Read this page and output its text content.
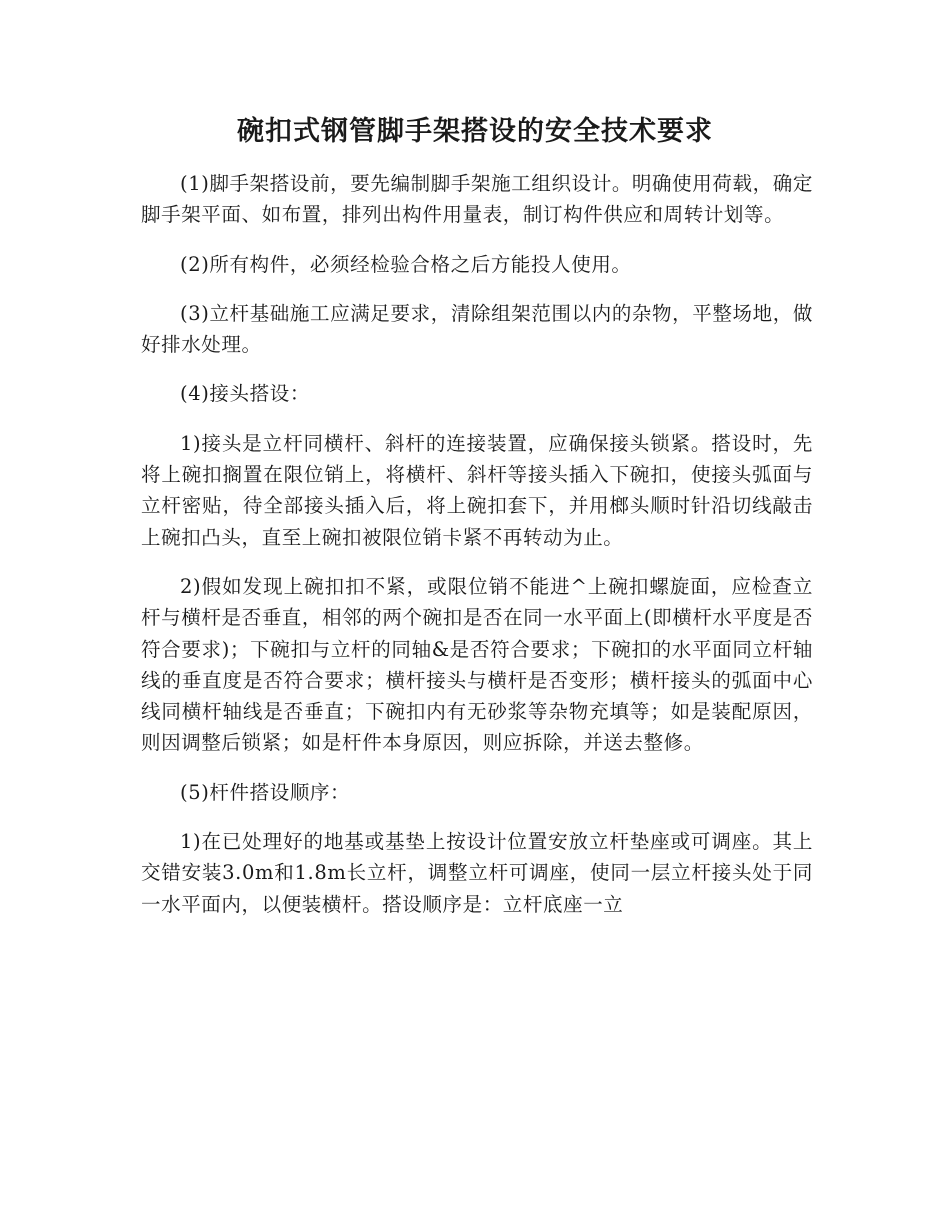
碗扣式钢管脚手架搭设的安全技术要求

(1)脚手架搭设前，要先编制脚手架施工组织设计。明确使用荷载，确定脚手架平面、如布置，排列出构件用量表，制订构件供应和周转计划等。

(2)所有构件，必须经检验合格之后方能投人使用。

(3)立杆基础施工应满足要求，清除组架范围以内的杂物，平整场地，做好排水处理。

(4)接头搭设：

1)接头是立杆同横杆、斜杆的连接装置，应确保接头锁紧。搭设时，先将上碗扣搁置在限位销上，将横杆、斜杆等接头插入下碗扣，使接头弧面与立杆密贴，待全部接头插入后，将上碗扣套下，并用榔头顺时针沿切线敲击上碗扣凸头，直至上碗扣被限位销卡紧不再转动为止。

2)假如发现上碗扣扣不紧，或限位销不能进^上碗扣螺旋面，应检查立杆与横杆是否垂直，相邻的两个碗扣是否在同一水平面上(即横杆水平度是否符合要求)；下碗扣与立杆的同轴&是否符合要求；下碗扣的水平面同立杆轴线的垂直度是否符合要求；横杆接头与横杆是否变形；横杆接头的弧面中心线同横杆轴线是否垂直；下碗扣内有无砂浆等杂物充填等；如是装配原因，则因调整后锁紧；如是杆件本身原因，则应拆除，并送去整修。

(5)杆件搭设顺序：

1)在已处理好的地基或基垫上按设计位置安放立杆垫座或可调座。其上交错安装3.0m和1.8m长立杆，调整立杆可调座，使同一层立杆接头处于同一水平面内，以便装横杆。搭设顺序是：立杆底座一立
